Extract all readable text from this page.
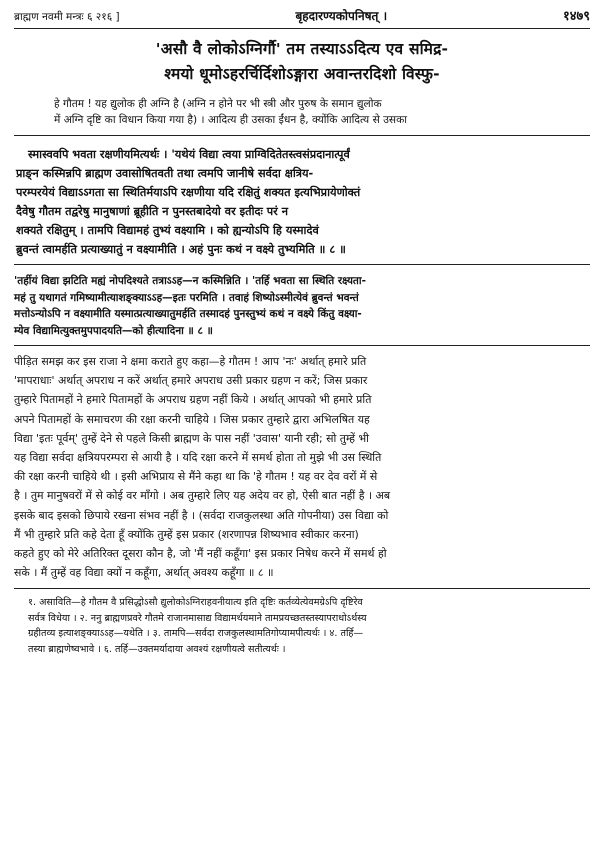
ब्राह्मण नवमी मन्त्रः ६ २१६ ]	बृहदारण्यकोपनिषत् ।	१४७९
'असौ वै लोकोऽग्निर्गौ' तम तस्याऽऽदित्य एव समिद्र-
श्मयो धूमोऽहरर्चिर्दिशोऽङ्गारा अवान्तरदिशो विस्फु-
हे गौतम ! यह द्युलोक ही अग्नि है (अग्नि न होने पर भी स्त्री और पुरुष के समान द्युलोक
में अग्नि दृष्टि का विधान किया गया है) । आदित्य ही उसका ईंधन है, क्योंकि आदित्य से उसका
स्मास्ववपि भवता रक्षणीयमित्यर्थः । 'यथेयं विद्या त्वया प्राग्विदितेतस्त्वसंप्रदानात्पूर्वं
प्राङ्न कस्मिन्नपि ब्राह्मण उवासोषितवती तथा त्वमपि जानीषे सर्वदा क्षत्रिय-
परम्परयेयं विद्याऽऽगता सा स्थितिर्मयाऽपि रक्षणीया यदि रक्षितुं शक्यत इत्यभिप्रायेणोक्तं
दैवेषु गौतम तद्वरेषु मानुषाणां ब्रूहीति न पुनस्तबादेयो वर इतीदः परं न
शक्यते रक्षितुम् । तामपि विद्यामहं तुभ्यं वक्ष्यामि । को ह्यन्योऽपि हि यस्मादेवं
ब्रुवन्तं त्वामर्हति प्रत्याख्यातुं न वक्ष्यामीति । अहं पुनः कथं न वक्ष्ये तुभ्यमिति ॥ ८ ॥
'तर्हीयं विद्या झटिति मह्यं नोपदिश्यते तत्राऽऽह—न कस्मिन्निति । 'तर्हि भवता सा स्थिति रक्ष्यता-
महं तु यथागतं गमिष्यामीत्याशङ्क्याऽऽह—इतः परमिति । तवाहं शिष्योऽस्मीत्येवं ब्रुवन्तं भवन्तं
मत्तोऽन्योऽपि न वक्ष्यामीति यस्मात्प्रत्याख्यातुमर्हति तस्मादहं पुनस्तुभ्यं कथं न वक्ष्ये किंतु वक्ष्या-
म्येव विद्यामित्युक्तमुपपादयति—को हीत्यादिना ॥ ८ ॥
पीड़ित समझ कर इस राजा ने क्षमा कराते हुए कहा—हे गौतम ! आप 'नः' अर्थात् हमारे प्रति
'मापराधाः' अर्थात् अपराध न करें अर्थात् हमारे अपराध उसी प्रकार ग्रहण न करें; जिस प्रकार
तुम्हारे पितामहों ने हमारे पितामहों के अपराध ग्रहण नहीं किये । अर्थात् आपको भी हमारे प्रति
अपने पितामहों के समाचरण की रक्षा करनी चाहिये । जिस प्रकार तुम्हारे द्वारा अभिलषित यह
विद्या 'इतः पूर्वम्' तुम्हें देने से पहले किसी ब्राह्मण के पास नहीं 'उवास' यानी रही; सो तुम्हें भी
यह विद्या सर्वदा क्षत्रियपरम्परा से आयी है । यदि रक्षा करने में समर्थ होता तो मुझे भी उस स्थिति
की रक्षा करनी चाहिये थी । इसी अभिप्राय से मैंने कहा था कि 'हे गौतम ! यह वर देव वरों में से
है । तुम मानुषवरों में से कोई वर माँगो । अब तुम्हारे लिए यह अदेय वर हो, ऐसी बात नहीं है । अब
इसके बाद इसको छिपाये रखना संभव नहीं है । (सर्वदा राजकुलस्था अति गोपनीया) उस विद्या को
मैं भी तुम्हारे प्रति कहे देता हूँ क्योंकि तुम्हें इस प्रकार (शरणापन्न शिष्यभाव स्वीकार करना)
कहते हुए को मेरे अतिरिक्त दूसरा कौन है, जो 'मैं नहीं कहूँगा' इस प्रकार निषेध करने में समर्थ हो
सके । मैं तुम्हें वह विद्या क्यों न कहूँगा, अर्थात् अवश्य कहूँगा ॥ ८ ॥
१. असाविति—हे गौतम वै प्रसिद्धोऽसौ द्युलोकोऽग्निराहवनीयात्य इति दृष्टिः कर्तव्येत्येवमग्रेऽपि दृष्टिरेव
सर्वत्र विधेया । २. ननु ब्राह्मणप्रवरे गौतमे राजानमासाद्य विद्यामर्थयमाने तामप्रयच्छतस्तस्यापराधोऽर्थस्य
ग्रहीतव्य इत्याशङ्क्याऽऽह—यथेति । ३. तामपि—सर्वदा राजकुलस्थामतिगोप्यामपीत्यर्थः । ४. तर्हि—
तस्या ब्राह्मणेष्वभावे । ६. तर्हि—उक्तमर्यादाया अवश्यं रक्षणीयत्वे सतीत्यर्थः ।
